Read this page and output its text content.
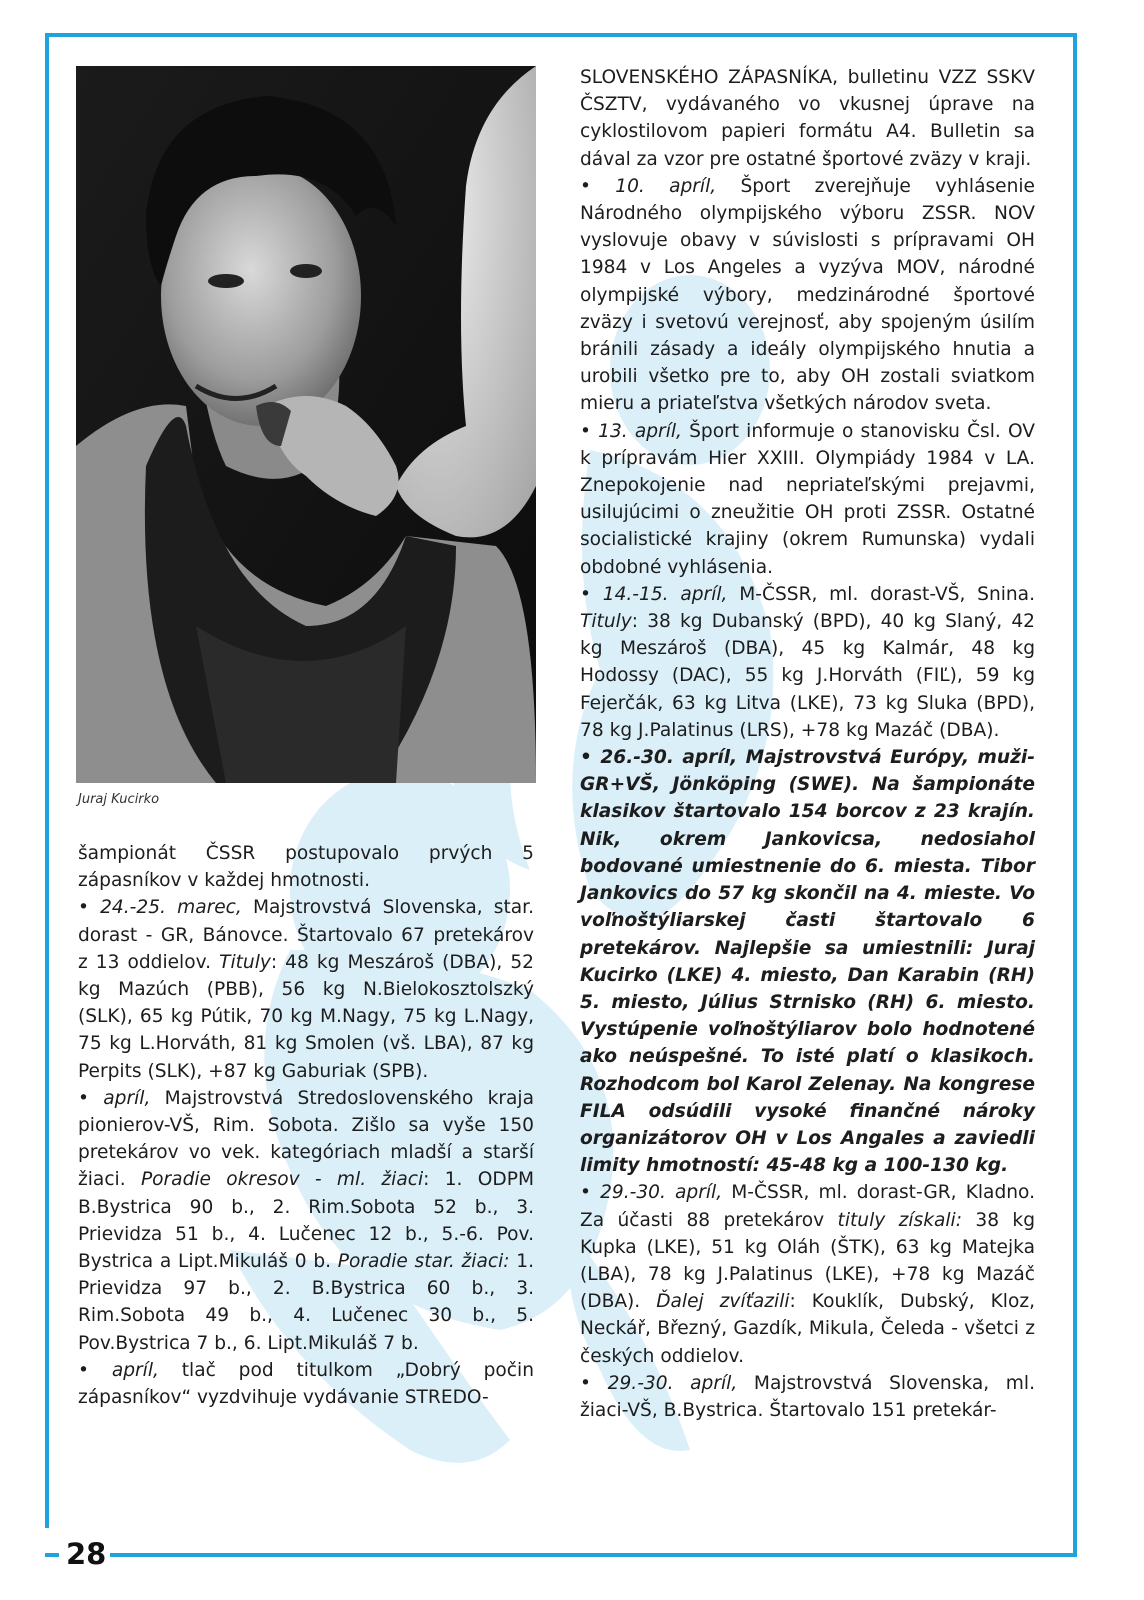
28
Juraj Kucirko

šampionát ČSSR postupovalo prvých 5 zápasníkov v každej hmotnosti.

• 24.-25. marec, Majstrovstvá Slovenska, star. dorast - GR, Bánovce. Štartovalo 67 pretekárov z 13 oddielov. Tituly: 48 kg Meszároš (DBA), 52 kg Mazúch (PBB), 56 kg N.Bielokosztolszký (SLK), 65 kg Pútik, 70 kg M.Nagy, 75 kg L.Nagy, 75 kg L.Horváth, 81 kg Smolen (vš. LBA), 87 kg Perpits (SLK), +87 kg Gaburiak (SPB).

• apríl, Majstrovstvá Stredoslovenského kraja pionierov-VŠ, Rim. Sobota. Zišlo sa vyše 150 pretekárov vo vek. kategóriach mladší a starší žiaci. Poradie okresov - ml. žiaci: 1. ODPM B.Bystrica 90 b., 2. Rim.Sobota 52 b., 3. Prievidza 51 b., 4. Lučenec 12 b., 5.-6. Pov. Bystrica a Lipt.Mikuláš 0 b. Poradie star. žiaci: 1. Prievidza 97 b., 2. B.Bystrica 60 b., 3. Rim.Sobota 49 b., 4. Lučenec 30 b., 5. Pov.Bystrica 7 b., 6. Lipt.Mikuláš 7 b.

• apríl, tlač pod titulkom „Dobrý počin zápasníkov“ vyzdvihuje vydávanie STREDO-

SLOVENSKÉHO ZÁPASNÍKA, bulletinu VZZ SSKV ČSZTV, vydávaného vo vkusnej úprave na cyklostilovom papieri formátu A4. Bulletin sa dával za vzor pre ostatné športové zväzy v kraji.

• 10. apríl, Šport zverejňuje vyhlásenie Národného olympijského výboru ZSSR. NOV vyslovuje obavy v súvislosti s prípravami OH 1984 v Los Angeles a vyzýva MOV, národné olympijské výbory, medzinárodné športové zväzy i svetovú verejnosť, aby spojeným úsilím bránili zásady a ideály olympijského hnutia a urobili všetko pre to, aby OH zostali sviatkom mieru a priateľstva všetkých národov sveta.

• 13. apríl, Šport informuje o stanovisku Čsl. OV k prípravám Hier XXIII. Olympiády 1984 v LA. Znepokojenie nad nepriateľskými prejavmi, usilujúcimi o zneužitie OH proti ZSSR. Ostatné socialistické krajiny (okrem Rumunska) vydali obdobné vyhlásenia.

• 14.-15. apríl, M-ČSSR, ml. dorast-VŠ, Snina. Tituly: 38 kg Dubanský (BPD), 40 kg Slaný, 42 kg Meszároš (DBA), 45 kg Kalmár, 48 kg Hodossy (DAC), 55 kg J.Horváth (FIĽ), 59 kg Fejerčák, 63 kg Litva (LKE), 73 kg Sluka (BPD), 78 kg J.Palatinus (LRS), +78 kg Mazáč (DBA).

• 26.-30. apríl, Majstrovstvá Európy, muži-GR+VŠ, Jönköping (SWE). Na šampionáte klasikov štartovalo 154 borcov z 23 krajín. Nik, okrem Jankovicsa, nedosiahol bodované umiestnenie do 6. miesta. Tibor Jankovics do 57 kg skončil na 4. mieste. Vo voľnoštýliarskej časti štartovalo 6 pretekárov. Najlepšie sa umiestnili: Juraj Kucirko (LKE) 4. miesto, Dan Karabin (RH) 5. miesto, Július Strnisko (RH) 6. miesto. Vystúpenie voľnoštýliarov bolo hodnotené ako neúspešné. To isté platí o klasikoch. Rozhodcom bol Karol Zelenay. Na kongrese FILA odsúdili vysoké finančné nároky organizátorov OH v Los Angales a zaviedli limity hmotností: 45-48 kg a 100-130 kg.

• 29.-30. apríl, M-ČSSR, ml. dorast-GR, Kladno. Za účasti 88 pretekárov tituly získali: 38 kg Kupka (LKE), 51 kg Oláh (ŠTK), 63 kg Matejka (LBA), 78 kg J.Palatinus (LKE), +78 kg Mazáč (DBA). Ďalej zvíťazili: Kouklík, Dubský, Kloz, Neckář, Březný, Gazdík, Mikula, Čeleda - všetci z českých oddielov.

• 29.-30. apríl, Majstrovstvá Slovenska, ml. žiaci-VŠ, B.Bystrica. Štartovalo 151 pretekár-
